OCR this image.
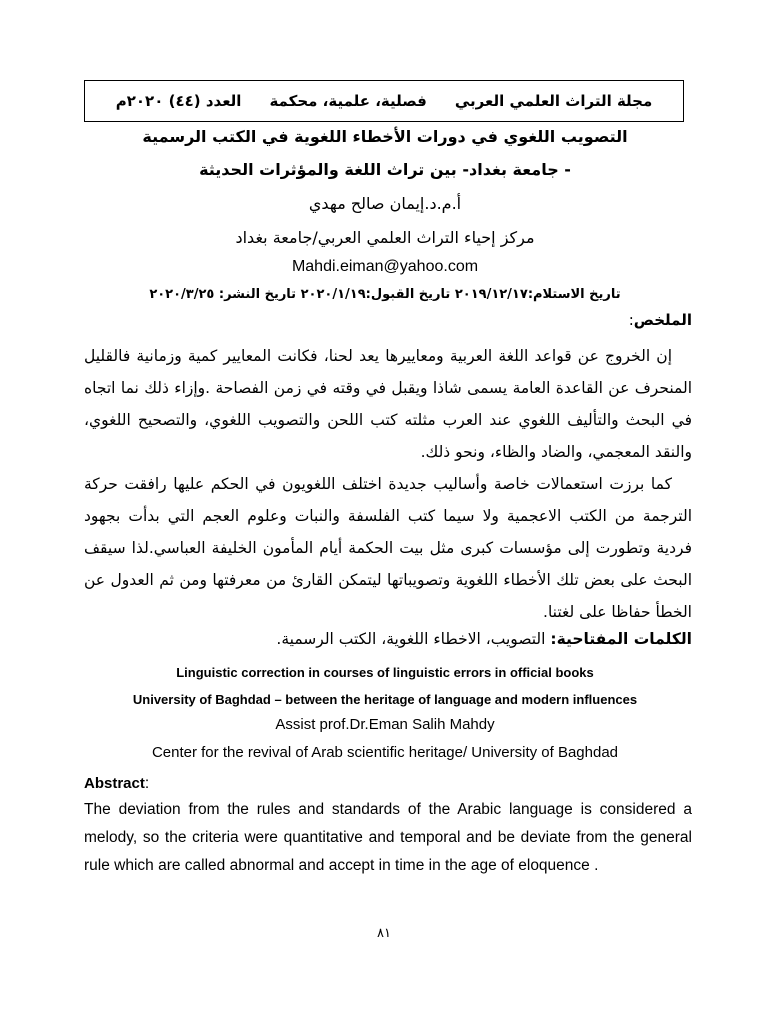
مجلة التراث العلمي العربي
فصلية، علمية، محكمة
العدد (٤٤) ٢٠٢٠م
التصويب اللغوي في دورات الأخطاء اللغوية في الكتب الرسمية
- جامعة بغداد- بين تراث اللغة والمؤثرات الحديثة
أ.م.د.إيمان صالح مهدي
مركز إحياء التراث العلمي العربي/جامعة بغداد
Mahdi.eiman@yahoo.com
تاريخ الاستلام:٢٠١٩/١٢/١٧ تاريخ القبول:٢٠٢٠/١/١٩ تاريخ النشر: ٢٠٢٠/٣/٢٥
الملخص:

إن الخروج عن قواعد اللغة العربية ومعاييرها يعد لحنا، فكانت المعايير كمية وزمانية فالقليل المنحرف عن القاعدة العامة يسمى شاذا ويقبل في وقته في زمن الفصاحة .وإزاء ذلك نما اتجاه في البحث والتأليف اللغوي عند العرب مثلته كتب اللحن والتصويب اللغوي، والتصحيح اللغوي، والنقد المعجمي، والضاد والظاء، ونحو ذلك.

كما برزت استعمالات خاصة وأساليب جديدة اختلف اللغويون في الحكم عليها رافقت حركة الترجمة من الكتب الاعجمية ولا سيما كتب الفلسفة والنبات وعلوم العجم التي بدأت بجهود فردية وتطورت إلى مؤسسات كبرى مثل بيت الحكمة أيام المأمون الخليفة العباسي.لذا سيقف البحث على بعض تلك الأخطاء اللغوية وتصويباتها ليتمكن القارئ من معرفتها ومن ثم العدول عن الخطأ حفاظا على لغتنا.

الكلمات المفتاحية: التصويب، الاخطاء اللغوية، الكتب الرسمية.
Linguistic correction in courses of linguistic errors in official books
University of Baghdad – between the heritage of language and modern influences
Assist prof.Dr.Eman Salih Mahdy
Center for the revival of Arab scientific heritage/ University of Baghdad
Abstract:

The deviation from the rules and standards of the Arabic language is considered a melody, so the criteria were quantitative and temporal and be deviate from the general rule which are called abnormal and accept in time in the age of eloquence .

٨١
